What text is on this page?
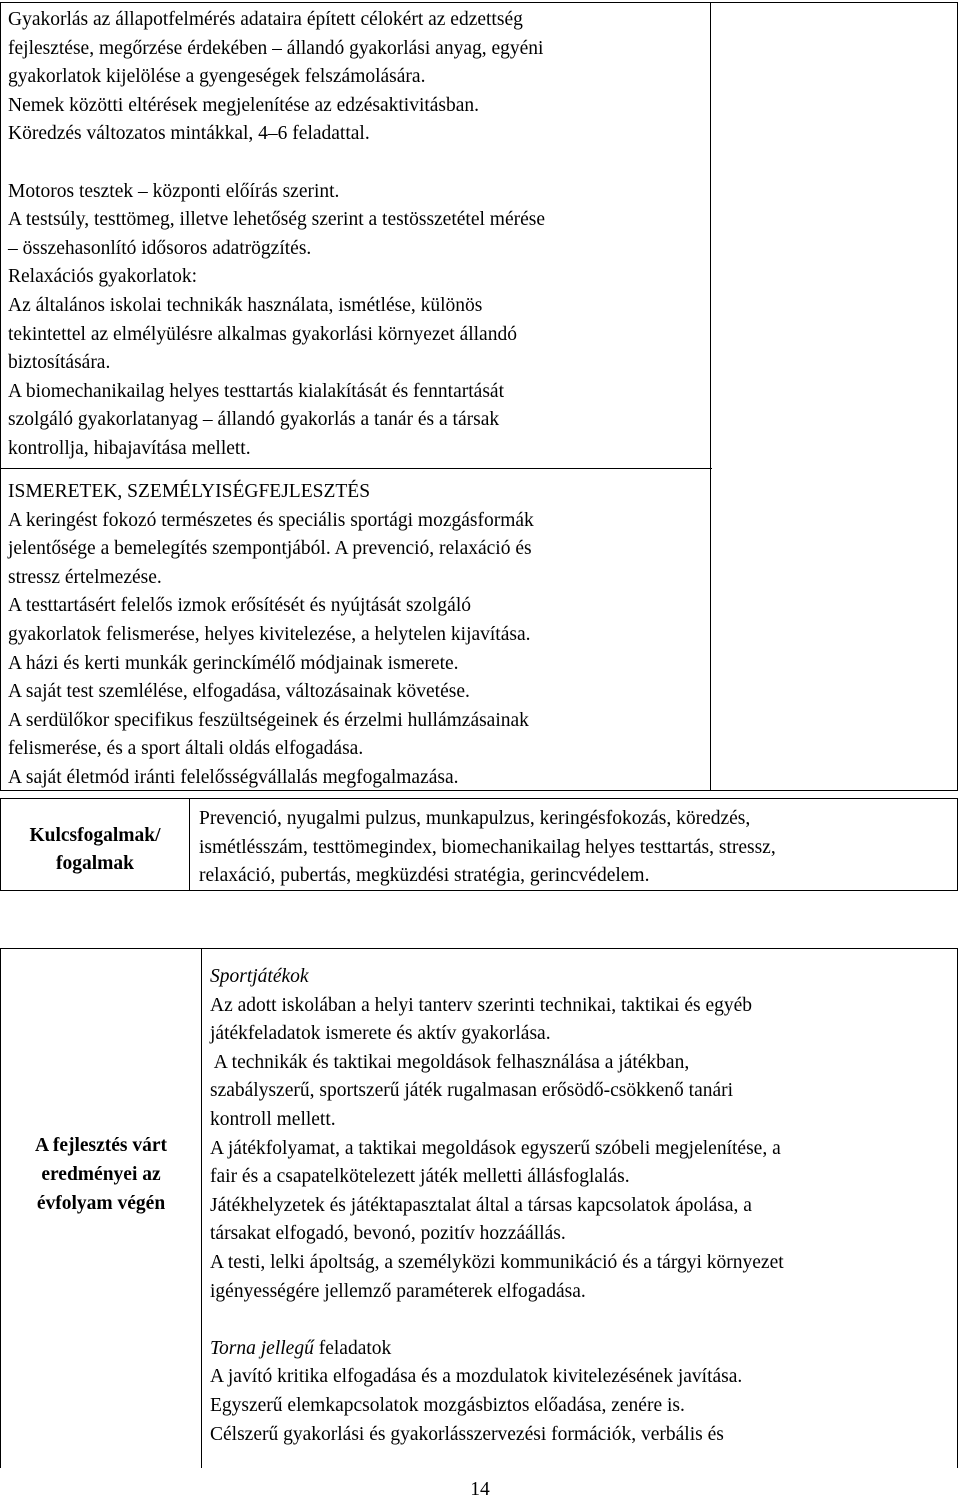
Gyakorlás az állapotfelmérés adataira épített célokért az edzettség
fejlesztése, megőrzése érdekében – állandó gyakorlási anyag, egyéni
gyakorlatok kijelölése a gyengeségek felszámolására.
Nemek közötti eltérések megjelenítése az edzésaktivitásban.
Köredzés változatos mintákkal, 4–6 feladattal.
Motoros tesztek – központi előírás szerint.
A testsúly, testtömeg, illetve lehetőség szerint a testösszetétel mérése
– összehasonlító idősoros adatrögzítés.
Relaxációs gyakorlatok:
Az általános iskolai technikák használata, ismétlése, különös
tekintettel az elmélyülésre alkalmas gyakorlási környezet állandó
biztosítására.
A biomechanikailag helyes testtartás kialakítását és fenntartását
szolgáló gyakorlatanyag – állandó gyakorlás a tanár és a társak
kontrollja, hibajavítása mellett.
ISMERETEK, SZEMÉLYISÉGFEJLESZTÉS
A keringést fokozó természetes és speciális sportági mozgásformák
jelentősége a bemelegítés szempontjából. A prevenció, relaxáció és
stressz értelmezése.
A testtartásért felelős izmok erősítését és nyújtását szolgáló
gyakorlatok felismerése, helyes kivitelezése, a helytelen kijavítása.
A házi és kerti munkák gerinckímélő módjainak ismerete.
A saját test szemlélése, elfogadása, változásainak követése.
A serdülőkor specifikus feszültségeinek és érzelmi hullámzásainak
felismerése, és a sport általi oldás elfogadása.
A saját életmód iránti felelősségvállalás megfogalmazása.
Kulcsfogalmak/
fogalmak
Prevenció, nyugalmi pulzus, munkapulzus, keringésfokozás, köredzés,
ismétlésszám, testtömegindex, biomechanikailag helyes testtartás, stressz,
relaxáció, pubertás, megküzdési stratégia, gerincvédelem.
A fejlesztés várt
eredményei az
évfolyam végén
Sportjátékok
Az adott iskolában a helyi tanterv szerinti technikai, taktikai és egyéb
játékfeladatok ismerete és aktív gyakorlása.
A technikák és taktikai megoldások felhasználása a játékban,
szabályszerű, sportszerű játék rugalmasan erősödő-csökkenő tanári
kontroll mellett.
A játékfolyamat, a taktikai megoldások egyszerű szóbeli megjelenítése, a
fair és a csapatelkötelezett játék melletti állásfoglalás.
Játékhelyzetek és játéktapasztalat által a társas kapcsolatok ápolása, a
társakat elfogadó, bevonó, pozitív hozzáállás.
A testi, lelki ápoltság, a személyközi kommunikáció és a tárgyi környezet
igényességére jellemző paraméterek elfogadása.
Torna jellegű feladatok
A javító kritika elfogadása és a mozdulatok kivitelezésének javítása.
Egyszerű elemkapcsolatok mozgásbiztos előadása, zenére is.
Célszerű gyakorlási és gyakorlásszervezési formációk, verbális és
14
